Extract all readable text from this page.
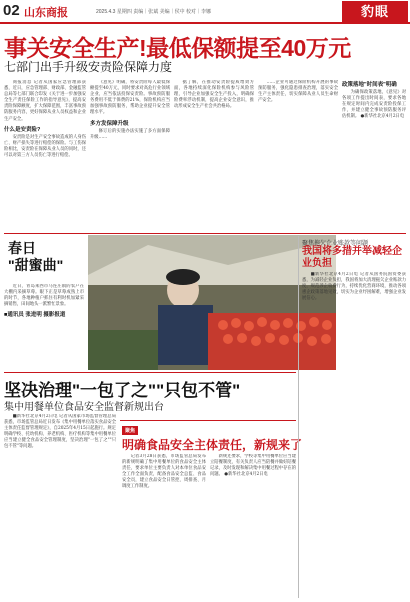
02 山东商报	2025.4.3 星期四 责编｜张斌 美编｜侯中 校对｜李娜	豹眼
事关安全生产!最低保额提至40万元
七部门出手升级安责险保障力度

商报消息 记者从国家应急管理部获悉，近日，应急管理部、财政部、金融监管总局等七部门联合印发《关于进一步加强安全生产责任保险工作的指导意见》，提高安责险保障额度，扩大保障范围，丰富事故预防服务内容，更好保障从业人员权益和企业生产安全。

什么是安责险?

安责险是对生产安全事故造成的人身伤亡、财产损失等进行赔偿的保险。与工伤保险相比，安责险在保障从业人员的同时，还可以对第三方人员伤亡等进行赔偿。

《意见》明确，将安责险每人最低保额提至40万元，同时要求对高危行业领域企业，应当依法投保安责险。事故预防服务费用不低于保费的21%，保险机构应当加强事故预防服务，帮助企业提升安全管理水平。

多方发保障升级

修订后的实施办法实施了多方面保障升级……

据了解，在推动安责险提质增效方面，各地持续深化保险机构参与风险管理，引导企业加强安全生产投入，明确保险费率浮动机制，提高企业安全意识，推动形成安全生产社会共治格局。

……企业可通过保险机构开展的事故预防服务，强化隐患排查治理，落实安全生产主体责任，切实保障从业人员生命财产安全。

政策落地"时间表"明确

为确保政策落地，《意见》对各项工作提出时间表，要求各地在规定时间内完成安责险投保工作，并建立健全事故预防服务评估机制。 ●新华社北京4月2日电

春日
"甜蜜曲"

近日，青岛莱西市马连庄镇的农户在大棚内采摘草莓。眼下正是草莓成熟上市的时节，各地种植户抓住有利时机加紧采摘销售，田间地头一派繁忙景象。

■通讯员 张进明 摄影报道
聚焦拖欠企业账款等问题
我国将多措并举减轻企业负担

■新华社北京4月2日电 记者从国务院国资委获悉，为减轻企业负担，我国将加大清理拖欠企业账款力度，规范涉企收费行为，持续优化营商环境，推动各项惠企政策落地见效，切实为企业纾困解难，增强企业发展信心。

坚决治理"一包了之""只包不管"
集中用餐单位食品安全监督新规出台

■新华社北京4月2日电 记者从国家市场监督管理总局获悉，市场监管总局近日发布《集中用餐单位落实食品安全主体责任监督管理规定》，自2025年4月15日起施行。规定明确学校、托幼机构、养老机构、医疗机构等集中用餐单位应当建立健全食品安全管理制度，坚决治理"一包了之""只包不管"等问题。

聚焦
明确食品安全主体责任，新规来了

记者3月28日获悉，市场监管总局发布的新规明确了集中用餐单位的食品安全主体责任，要求单位主要负责人对本单位食品安全工作全面负责，配备食品安全总监、食品安全员，建立食品安全日管控、周排查、月调度工作制度。

新规还要求，学校等集中用餐单位应当建立陪餐制度，有关负责人应当陪餐并做好陪餐记录，及时发现和解决集中用餐过程中存在的问题。 ●新华社北京4月2日电
